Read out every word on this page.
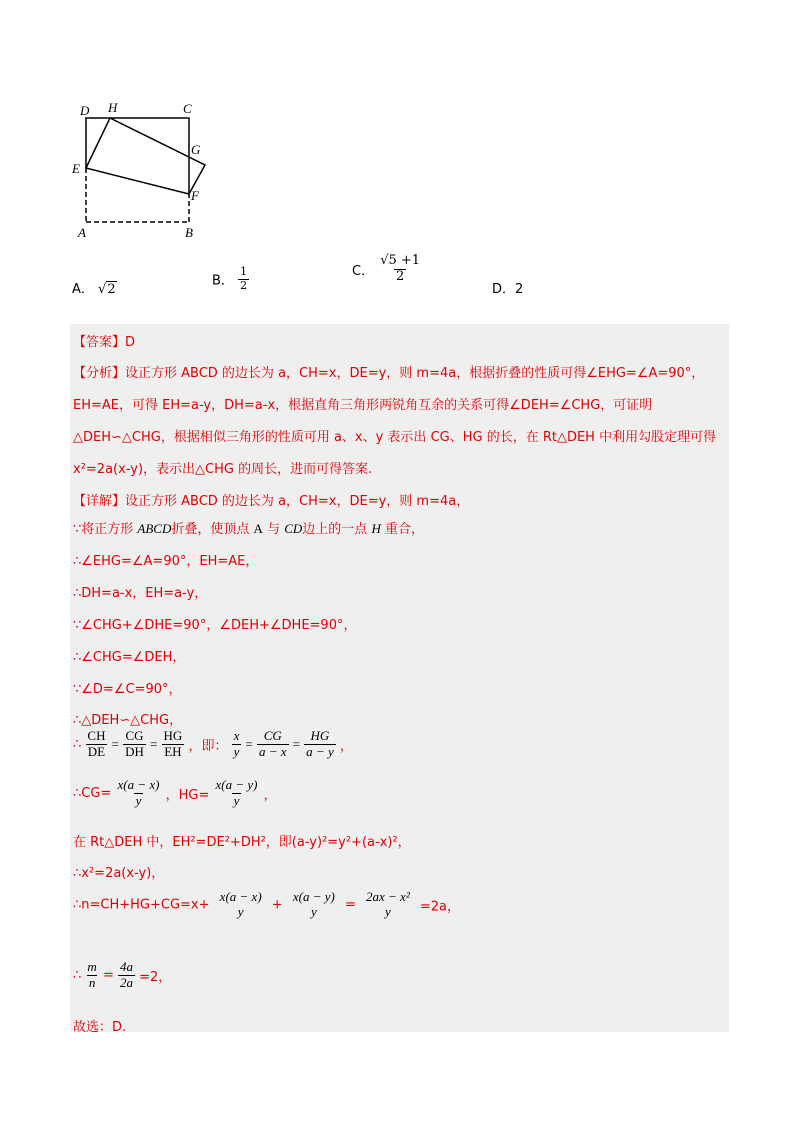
D H	C
G
E
F
A	B
A． √2
B． $\frac{1}{2}$	C． $\frac{√5 +1}{2}$
D．2
【答案】D
【分析】设正方形 ABCD 的边长为 a，CH=x，DE=y，则 m=4a，根据折叠的性质可得∠EHG=∠A=90°，
EH=AE，可得 EH=a-y，DH=a-x，根据直角三角形两锐角互余的关系可得∠DEH=∠CHG，可证明
△DEH∽△CHG，根据相似三角形的性质可用 a、x、y 表示出 CG、HG 的长，在 Rt△DEH 中利用勾股定理可得
x²=2a(x-y)，表示出△CHG 的周长，进而可得答案.
【详解】设正方形 ABCD 的边长为 a，CH=x，DE=y，则 m=4a，
∵将正方形 ABCD折叠，使顶点 A 与 CD边上的一点 H 重合，
∴∠EHG=∠A=90°，EH=AE，
∴DH=a-x，EH=a-y，
∵∠CHG+∠DHE=90°，∠DEH+∠DHE=90°，
∴∠CHG=∠DEH，
∵∠D=∠C=90°，
∴△DEH∽△CHG，
∴ $\frac{CH}{DE} = \frac{CG}{DH} = \frac{HG}{EH}$ ，即： $\frac{x}{y} = \frac{CG}{a - x} = \frac{HG}{a - y}$ ，
∴CG= $\frac{x(a - x)}{y}$ ，$HG= \frac{x(a - y)}{y}$ ，
在 Rt△DEH 中，EH²=DE²+DH²，即(a-y)²=y²+(a-x)²，
∴x²=2a(x-y)，
∴n=CH+HG+CG=x+
x(a − x)
y +
x(a − y)
y =
2ax − x²
y =2a，
∴ $\frac{m}{n} = \frac{4a}{2a} =2$，
故选：D.
